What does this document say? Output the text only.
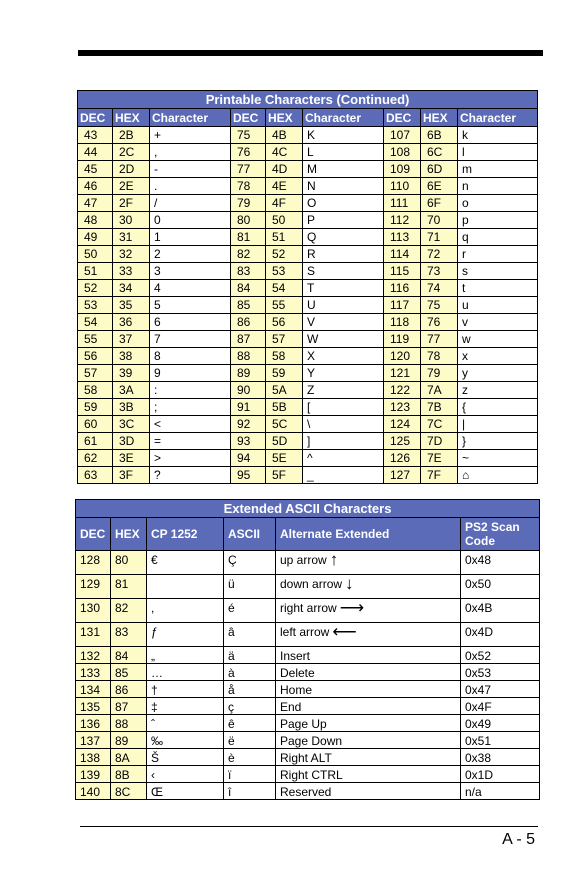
Printable Characters (Continued)								
DEC	HEX	Character	DEC	HEX	Character	DEC	HEX	Character
43	2B	+	75	4B	K	107	6B	k
44	2C	,	76	4C	L	108	6C	l
45	2D	-	77	4D	M	109	6D	m
46	2E	.	78	4E	N	110	6E	n
47	2F	/	79	4F	O	111	6F	o
48	30	0	80	50	P	112	70	p
49	31	1	81	51	Q	113	71	q
50	32	2	82	52	R	114	72	r
51	33	3	83	53	S	115	73	s
52	34	4	84	54	T	116	74	t
53	35	5	85	55	U	117	75	u
54	36	6	86	56	V	118	76	v
55	37	7	87	57	W	119	77	w
56	38	8	88	58	X	120	78	x
57	39	9	89	59	Y	121	79	y
58	3A	:	90	5A	Z	122	7A	z
59	3B	;	91	5B	[	123	7B	{
60	3C	<	92	5C	\	124	7C	|
61	3D	=	93	5D	]	125	7D	}
62	3E	>	94	5E	^	126	7E	~
63	3F	?	95	5F	_	127	7F	⌂
Extended ASCII Characters					
DEC	HEX	CP 1252	ASCII	Alternate Extended	PS2 Scan Code
128	80	€	Ç	up arrow ↑	0x48
129	81		ü	down arrow ↓	0x50
130	82	,	é	right arrow ⟶	0x4B
131	83	ƒ	â	left arrow ⟵	0x4D
132	84	„	ä	Insert	0x52
133	85	…	à	Delete	0x53
134	86	†	å	Home	0x47
135	87	‡	ç	End	0x4F
136	88	ˆ	ê	Page Up	0x49
137	89	‰	ë	Page Down	0x51
138	8A	Š	è	Right ALT	0x38
139	8B	‹	ï	Right CTRL	0x1D
140	8C	Œ	î	Reserved	n/a
A - 5
